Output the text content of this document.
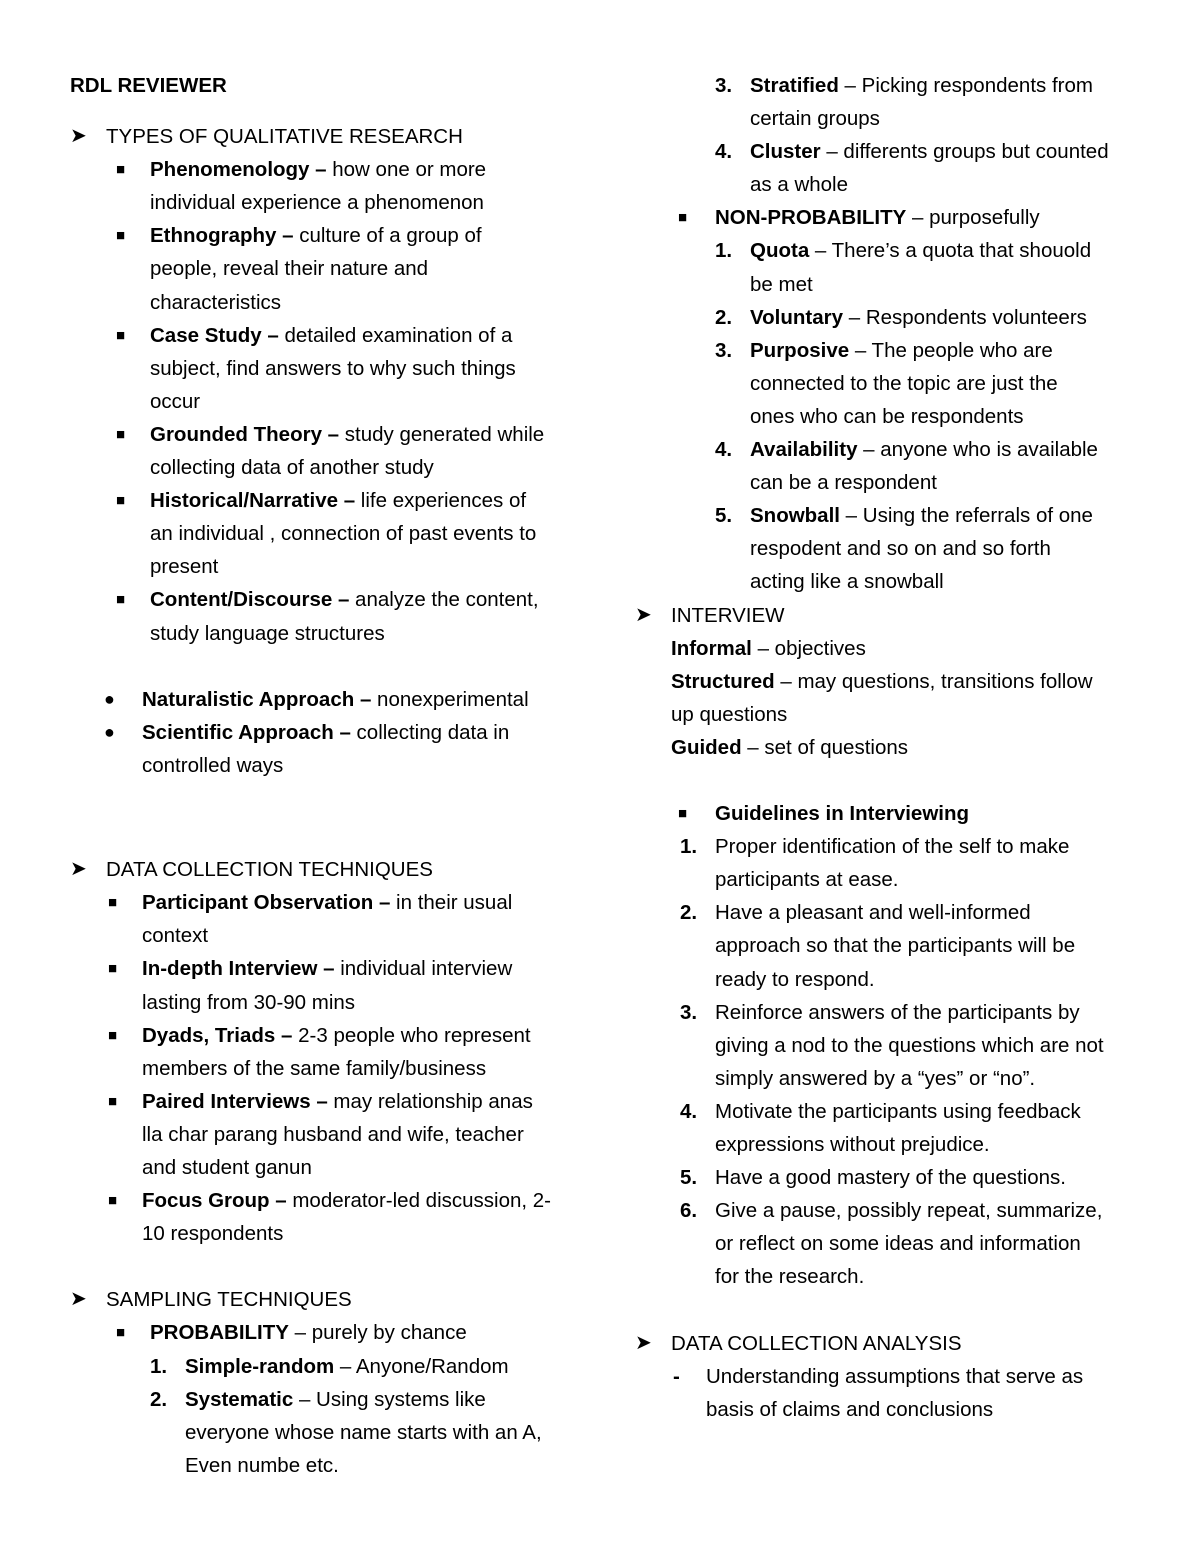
RDL REVIEWER
➤ TYPES OF QUALITATIVE RESEARCH
■ Phenomenology – how one or more
individual experience a phenomenon
■ Ethnography – culture of a group of
people, reveal their nature and
characteristics
■ Case Study – detailed examination of a
subject, find answers to why such things
occur
■ Grounded Theory – study generated while
collecting data of another study
■ Historical/Narrative – life experiences of
an individual , connection of past events to
present
■ Content/Discourse – analyze the content,
study language structures
● Naturalistic Approach – nonexperimental
● Scientific Approach – collecting data in
controlled ways
➤ DATA COLLECTION TECHNIQUES
■ Participant Observation – in their usual
context
■ In-depth Interview – individual interview
lasting from 30-90 mins
■ Dyads, Triads – 2-3 people who represent
members of the same family/business
■ Paired Interviews – may relationship anas
lla char parang husband and wife, teacher
and student ganun
■ Focus Group – moderator-led discussion, 2-
10 respondents
➤ SAMPLING TECHNIQUES
■ PROBABILITY – purely by chance
1. Simple-random – Anyone/Random
2. Systematic – Using systems like
everyone whose name starts with an A,
Even numbe etc.
3. Stratified – Picking respondents from
certain groups
4. Cluster – differents groups but counted
as a whole
■ NON-PROBABILITY – purposefully
1. Quota – There’s a quota that shouold
be met
2. Voluntary – Respondents volunteers
3. Purposive – The people who are
connected to the topic are just the
ones who can be respondents
4. Availability – anyone who is available
can be a respondent
5. Snowball – Using the referrals of one
respodent and so on and so forth
acting like a snowball
➤ INTERVIEW
Informal – objectives
Structured – may questions, transitions follow
up questions
Guided – set of questions
■ Guidelines in Interviewing
1. Proper identification of the self to make
participants at ease.
2. Have a pleasant and well-informed
approach so that the participants will be
ready to respond.
3. Reinforce answers of the participants by
giving a nod to the questions which are not
simply answered by a “yes” or “no”.
4. Motivate the participants using feedback
expressions without prejudice.
5. Have a good mastery of the questions.
6. Give a pause, possibly repeat, summarize,
or reflect on some ideas and information
for the research.
➤ DATA COLLECTION ANALYSIS
- Understanding assumptions that serve as
basis of claims and conclusions
